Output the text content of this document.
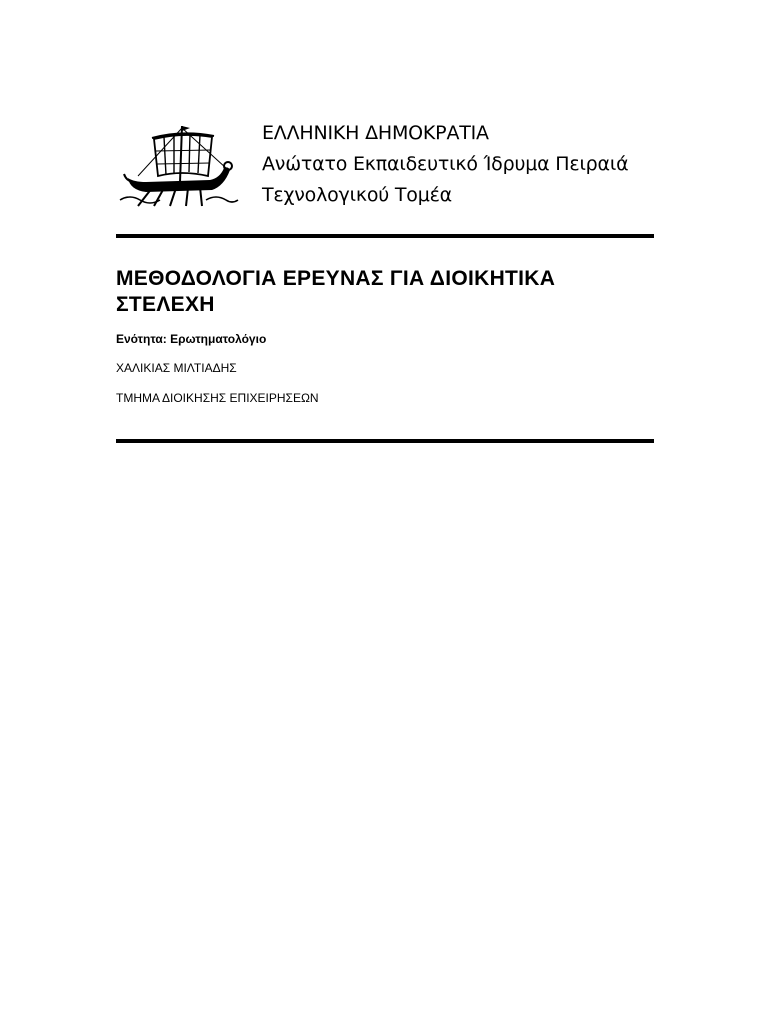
ΕΛΛΗΝΙΚΗ ΔΗΜΟΚΡΑΤΙΑ
Ανώτατο Εκπαιδευτικό Ίδρυμα Πειραιά
Τεχνολογικού Τομέα
ΜΕΘΟΔΟΛΟΓΙΑ ΕΡΕΥΝΑΣ ΓΙΑ ΔΙΟΙΚΗΤΙΚΑ ΣΤΕΛΕΧΗ
Ενότητα: Ερωτηματολόγιο
ΧΑΛΙΚΙΑΣ ΜΙΛΤΙΑΔΗΣ
ΤΜΗΜΑ ΔΙΟΙΚΗΣΗΣ ΕΠΙΧΕΙΡΗΣΕΩΝ
